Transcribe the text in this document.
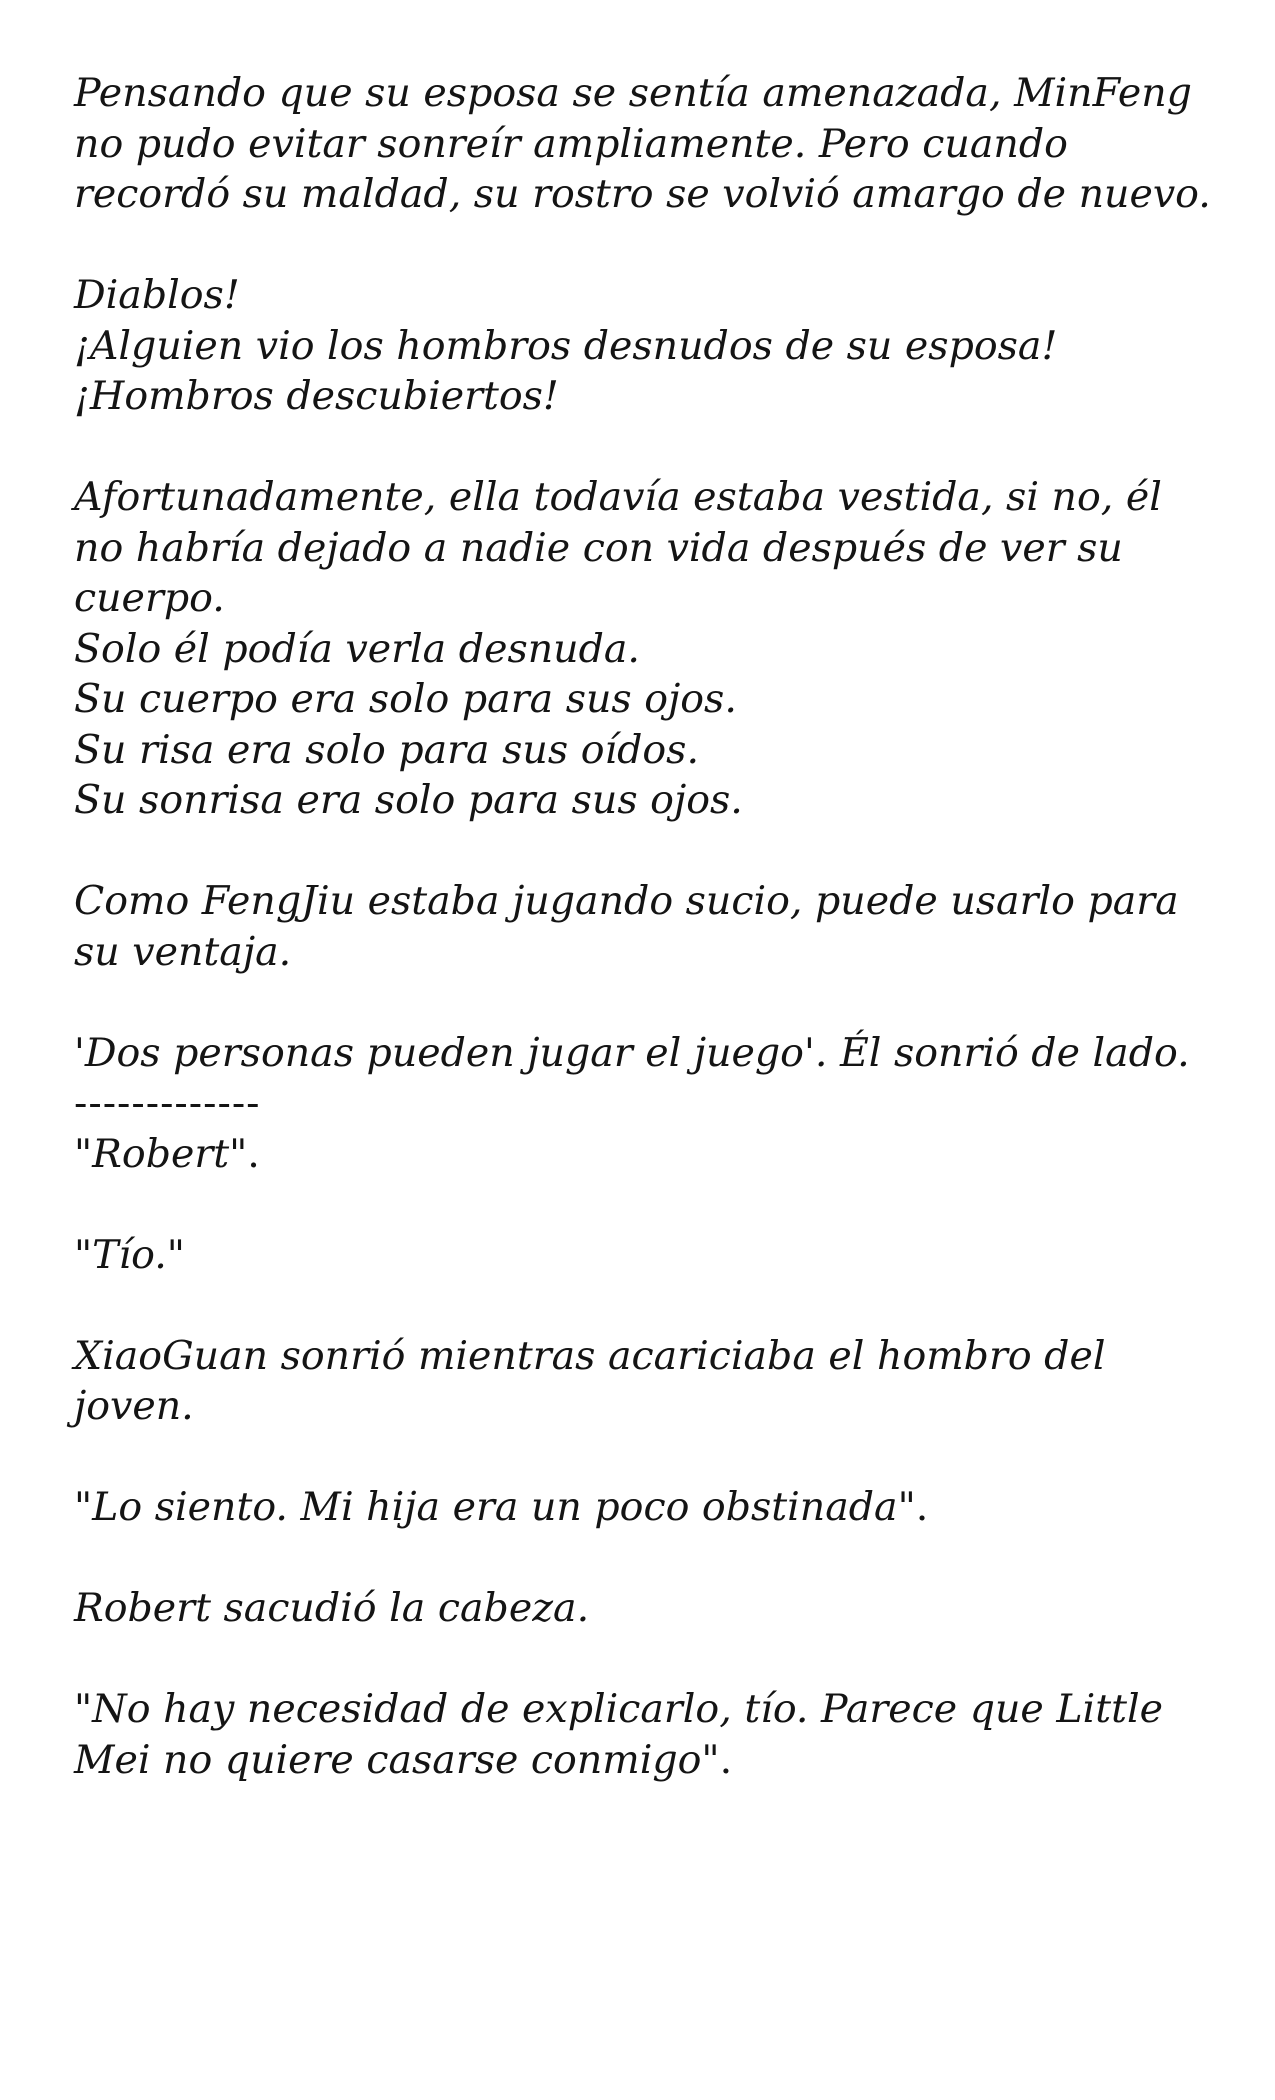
Pensando que su esposa se sentía amenazada, MinFeng no pudo evitar sonreír ampliamente. Pero cuando recordó su maldad, su rostro se volvió amargo de nuevo.

Diablos!
¡Alguien vio los hombros desnudos de su esposa!
¡Hombros descubiertos!

Afortunadamente, ella todavía estaba vestida, si no, él no habría dejado a nadie con vida después de ver su cuerpo.
Solo él podía verla desnuda.
Su cuerpo era solo para sus ojos.
Su risa era solo para sus oídos.
Su sonrisa era solo para sus ojos.

Como FengJiu estaba jugando sucio, puede usarlo para su ventaja.

'Dos personas pueden jugar el juego'. Él sonrió de lado.

-------------

"Robert".

"Tío."

XiaoGuan sonrió mientras acariciaba el hombro del joven.

"Lo siento. Mi hija era un poco obstinada".

Robert sacudió la cabeza.

"No hay necesidad de explicarlo, tío. Parece que Little Mei no quiere casarse conmigo".
